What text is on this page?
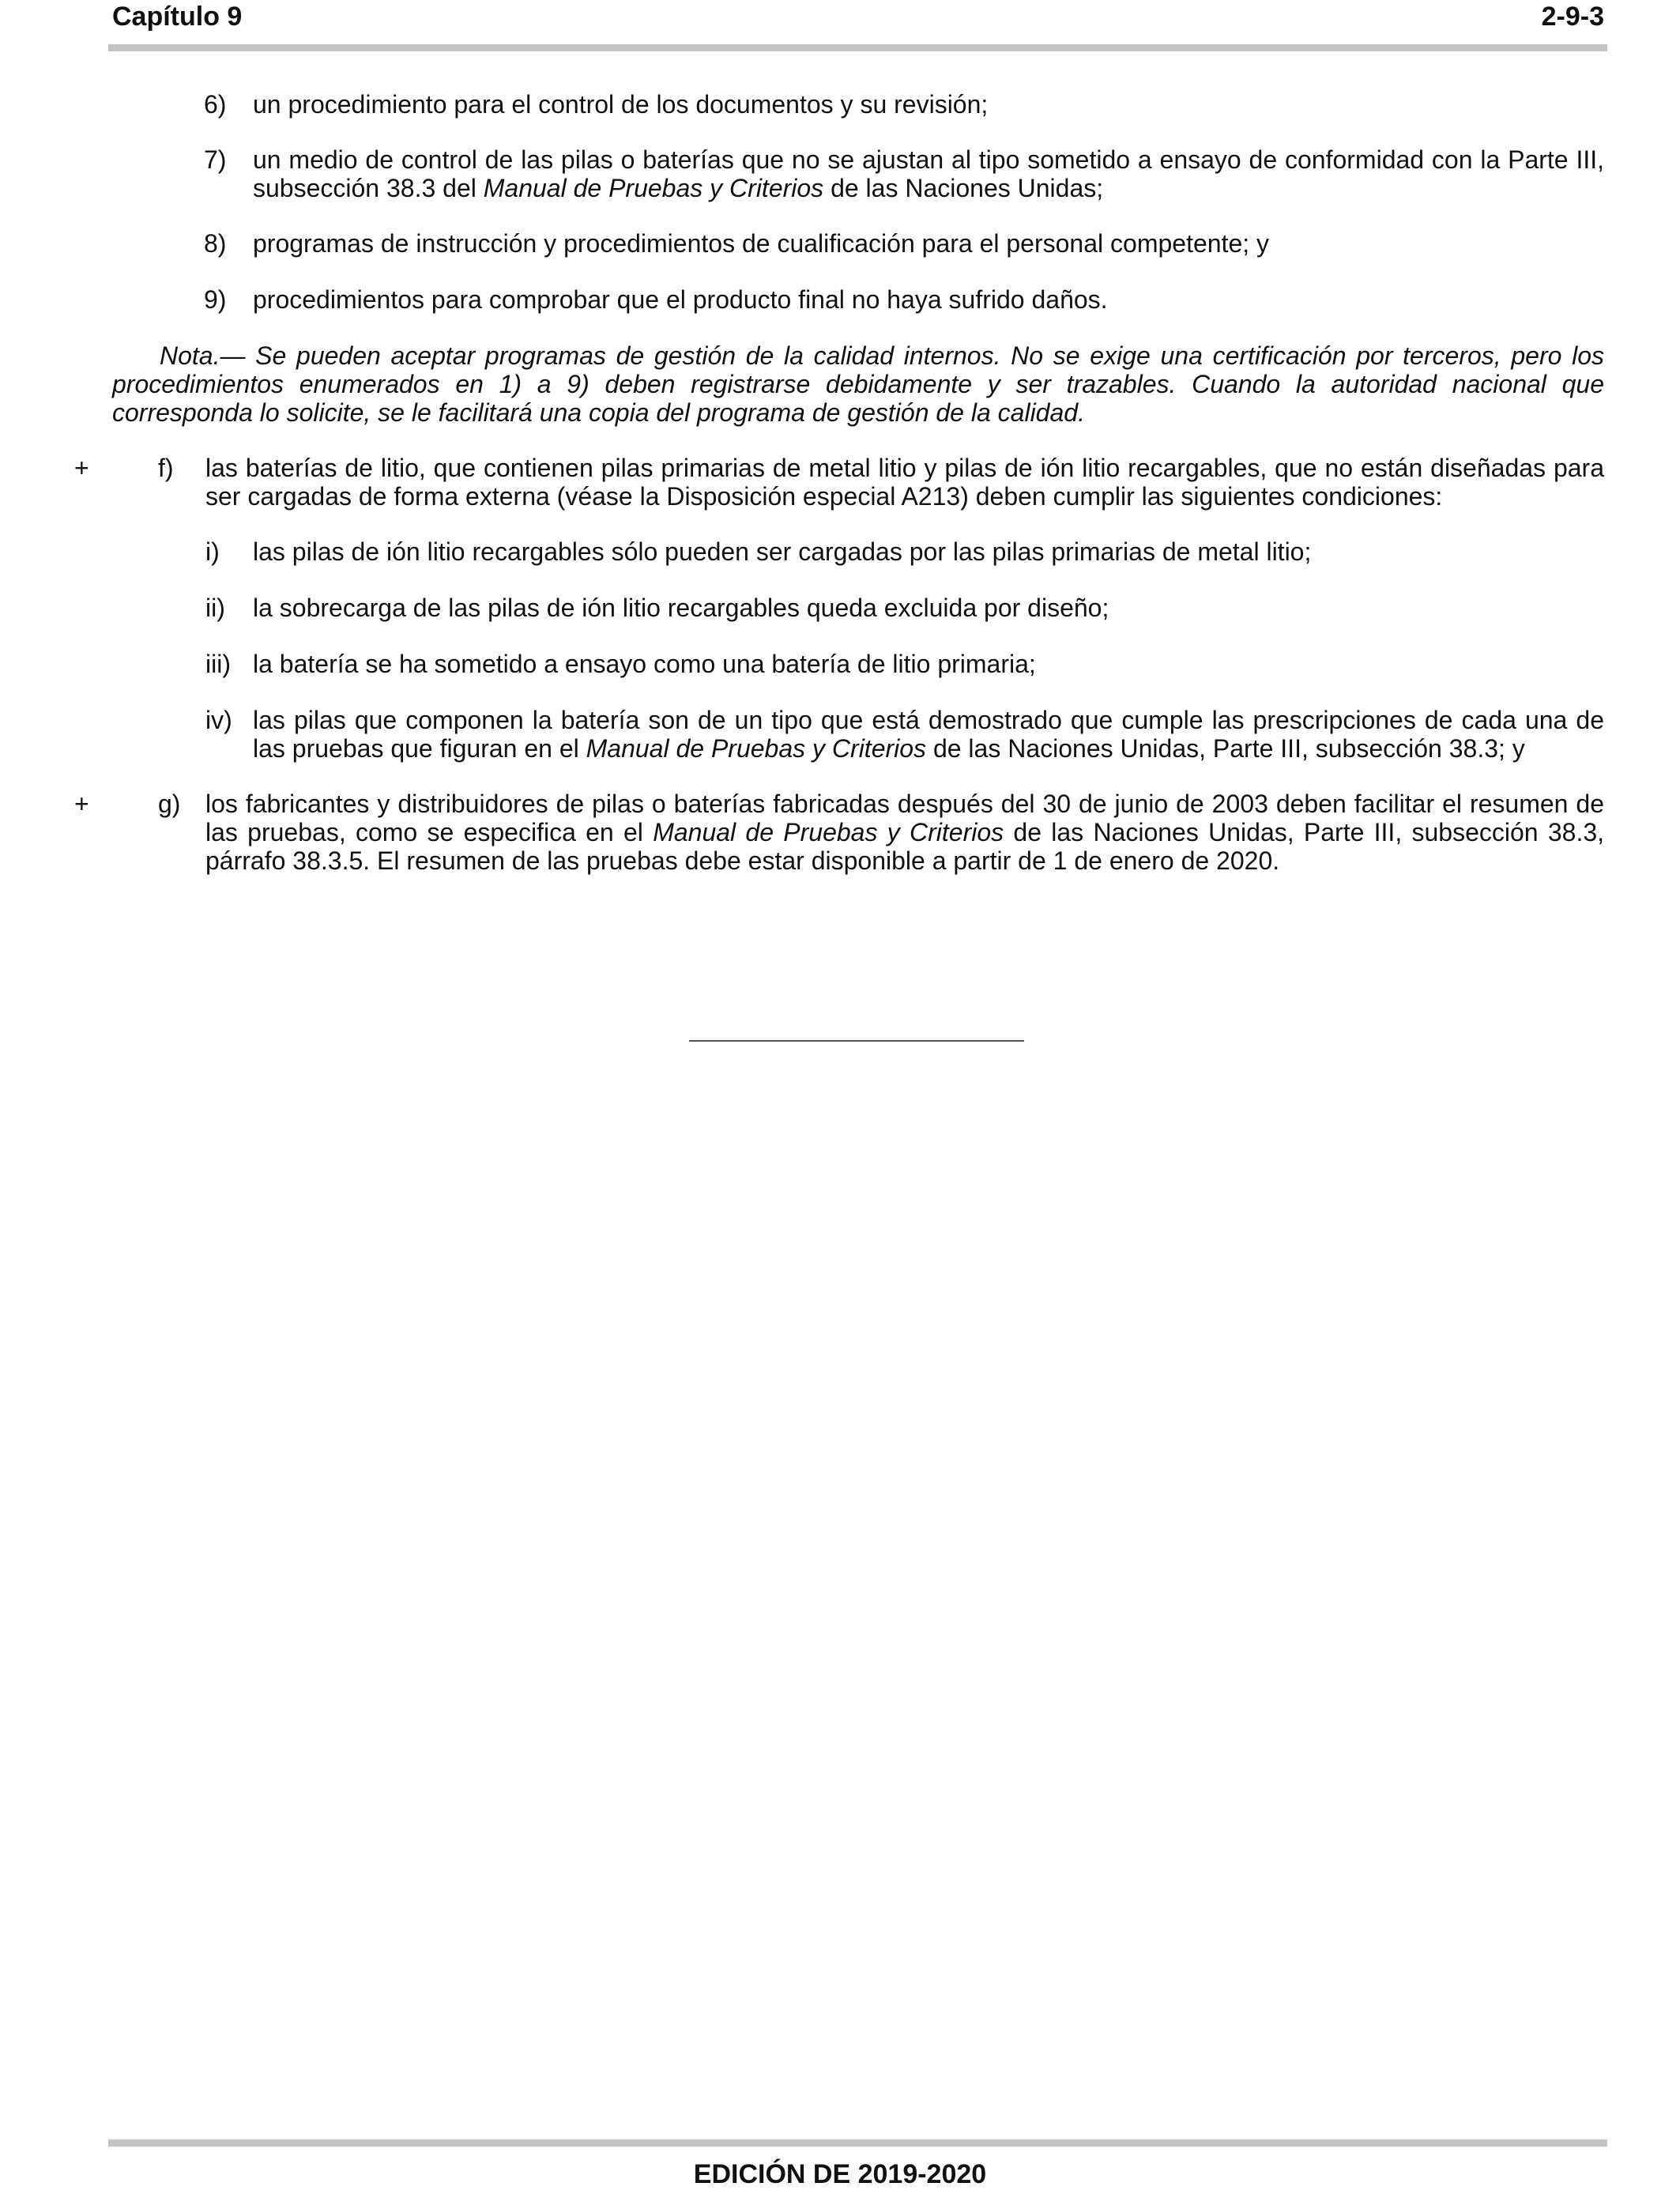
Capítulo 9	2-9-3
6) un procedimiento para el control de los documentos y su revisión;
7) un medio de control de las pilas o baterías que no se ajustan al tipo sometido a ensayo de conformidad con la Parte III, subsección 38.3 del Manual de Pruebas y Criterios de las Naciones Unidas;
8) programas de instrucción y procedimientos de cualificación para el personal competente; y
9) procedimientos para comprobar que el producto final no haya sufrido daños.
Nota.— Se pueden aceptar programas de gestión de la calidad internos. No se exige una certificación por terceros, pero los procedimientos enumerados en 1) a 9) deben registrarse debidamente y ser trazables. Cuando la autoridad nacional que corresponda lo solicite, se le facilitará una copia del programa de gestión de la calidad.
+	f) las baterías de litio, que contienen pilas primarias de metal litio y pilas de ión litio recargables, que no están diseñadas para ser cargadas de forma externa (véase la Disposición especial A213) deben cumplir las siguientes condiciones:
i) las pilas de ión litio recargables sólo pueden ser cargadas por las pilas primarias de metal litio;
ii) la sobrecarga de las pilas de ión litio recargables queda excluida por diseño;
iii) la batería se ha sometido a ensayo como una batería de litio primaria;
iv) las pilas que componen la batería son de un tipo que está demostrado que cumple las prescripciones de cada una de las pruebas que figuran en el Manual de Pruebas y Criterios de las Naciones Unidas, Parte III, subsección 38.3; y
+	g) los fabricantes y distribuidores de pilas o baterías fabricadas después del 30 de junio de 2003 deben facilitar el resumen de las pruebas, como se especifica en el Manual de Pruebas y Criterios de las Naciones Unidas, Parte III, subsección 38.3, párrafo 38.3.5. El resumen de las pruebas debe estar disponible a partir de 1 de enero de 2020.
EDICIÓN DE 2019-2020
